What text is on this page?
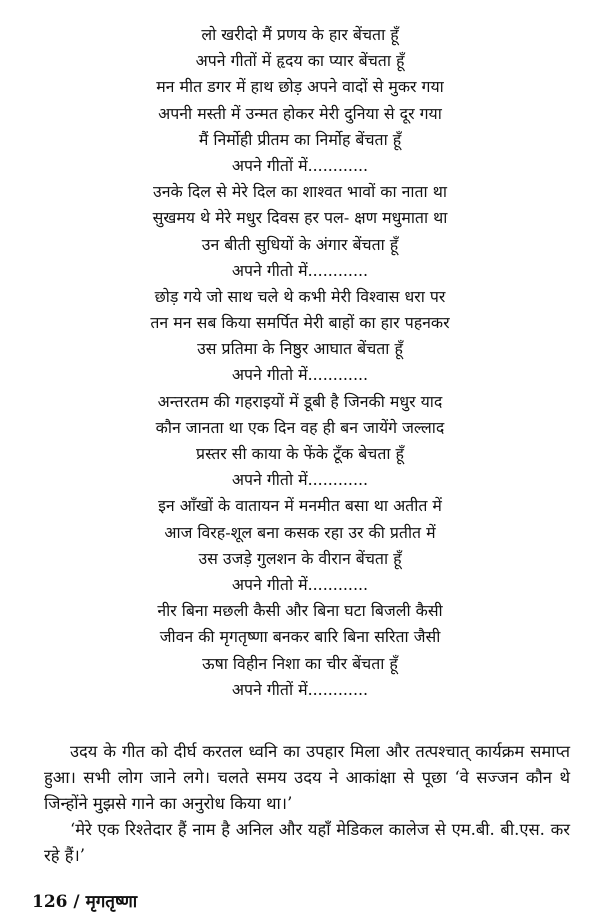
लो खरीदो मैं प्रणय के हार बेंचता हूँ
अपने गीतों में हृदय का प्यार बेंचता हूँ
मन मीत डगर में हाथ छोड़ अपने वादों से मुकर गया
अपनी मस्ती में उन्मत होकर मेरी दुनिया से दूर गया
मैं निर्मोही प्रीतम का निर्मोह बेंचता हूँ
अपने गीतों में............
उनके दिल से मेरे दिल का शाश्वत भावों का नाता था
सुखमय थे मेरे मधुर दिवस हर पल- क्षण मधुमाता था
उन बीती सुधियों के अंगार बेंचता हूँ
अपने गीतो में............
छोड़ गये जो साथ चले थे कभी मेरी विश्वास धरा पर
तन मन सब किया समर्पित मेरी बाहों का हार पहनकर
उस प्रतिमा के निष्ठुर आघात बेंचता हूँ
अपने गीतो में............
अन्तरतम की गहराइयों में डूबी है जिनकी मधुर याद
कौन जानता था एक दिन वह ही बन जायेंगे जल्लाद
प्रस्तर सी काया के फेंके टूँक बेचता हूँ
अपने गीतो में............
इन आँखों के वातायन में मनमीत बसा था अतीत में
आज विरह-शूल बना कसक रहा उर की प्रतीत में
उस उजड़े गुलशन के वीरान बेंचता हूँ
अपने गीतो में............
नीर बिना मछली कैसी और बिना घटा बिजली कैसी
जीवन की मृगतृष्णा बनकर बारि बिना सरिता जैसी
ऊषा विहीन निशा का चीर बेंचता हूँ
अपने गीतों में............

उदय के गीत को दीर्घ करतल ध्वनि का उपहार मिला और तत्पश्चात् कार्यक्रम समाप्त हुआ। सभी लोग जाने लगे। चलते समय उदय ने आकांक्षा से पूछा ‘वे सज्जन कौन थे जिन्होंने मुझसे गाने का अनुरोध किया था।’

‘मेरे एक रिश्तेदार हैं नाम है अनिल और यहाँ मेडिकल कालेज से एम.बी. बी.एस. कर रहे हैं।’

126 / मृगतृष्णा
